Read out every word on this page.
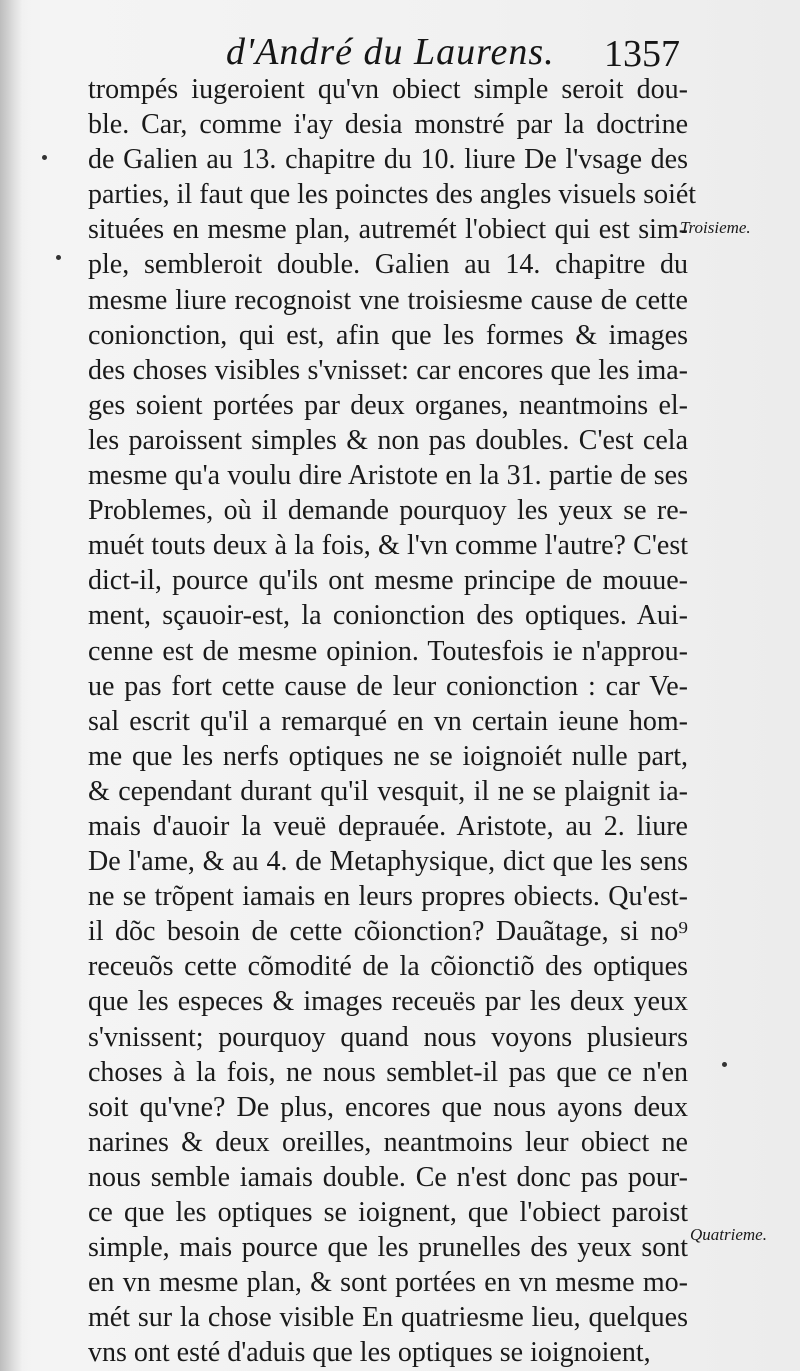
d'André du Laurens. 1357
trompés iugeroient qu'vn obiect simple seroit dou-
ble. Car, comme i'ay desia monstré par la doctrine
de Galien au 13. chapitre du 10. liure De l'vsage des
parties, il faut que les poinctes des angles visuels soiét
situées en mesme plan, autremét l'obiect qui est sim-
ple, sembleroit double. Galien au 14. chapitre du
mesme liure recognoist vne troisiesme cause de cette
conionction, qui est, afin que les formes & images
des choses visibles s'vnisset: car encores que les ima-
ges soient portées par deux organes, neantmoins el-
les paroissent simples & non pas doubles. C'est cela
mesme qu'a voulu dire Aristote en la 31. partie de ses
Problemes, où il demande pourquoy les yeux se re-
muét touts deux à la fois, & l'vn comme l'autre? C'est
dict-il, pource qu'ils ont mesme principe de mouue-
ment, sçauoir-est, la conionction des optiques. Aui-
cenne est de mesme opinion. Toutesfois ie n'approu-
ue pas fort cette cause de leur conionction : car Ve-
sal escrit qu'il a remarqué en vn certain ieune hom-
me que les nerfs optiques ne se ioignoiét nulle part,
& cependant durant qu'il vesquit, il ne se plaignit ia-
mais d'auoir la veuë deprauée. Aristote, au 2. liure
De l'ame, & au 4. de Metaphysique, dict que les sens
ne se trõpent iamais en leurs propres obiects. Qu'est-
il dõc besoin de cette cõionction? Dauãtage, si no⁹
receuõs cette cõmodité de la cõionctiõ des optiques
que les especes & images receuës par les deux yeux
s'vnissent; pourquoy quand nous voyons plusieurs
choses à la fois, ne nous semblet-il pas que ce n'en
soit qu'vne? De plus, encores que nous ayons deux
narines & deux oreilles, neantmoins leur obiect ne
nous semble iamais double. Ce n'est donc pas pour-
ce que les optiques se ioignent, que l'obiect paroist
simple, mais pource que les prunelles des yeux sont
en vn mesme plan, & sont portées en vn mesme mo-
mét sur la chose visible En quatriesme lieu, quelques
vns ont esté d'aduis que les optiques se ioignoient,
Troisieme.
Quatrieme.
